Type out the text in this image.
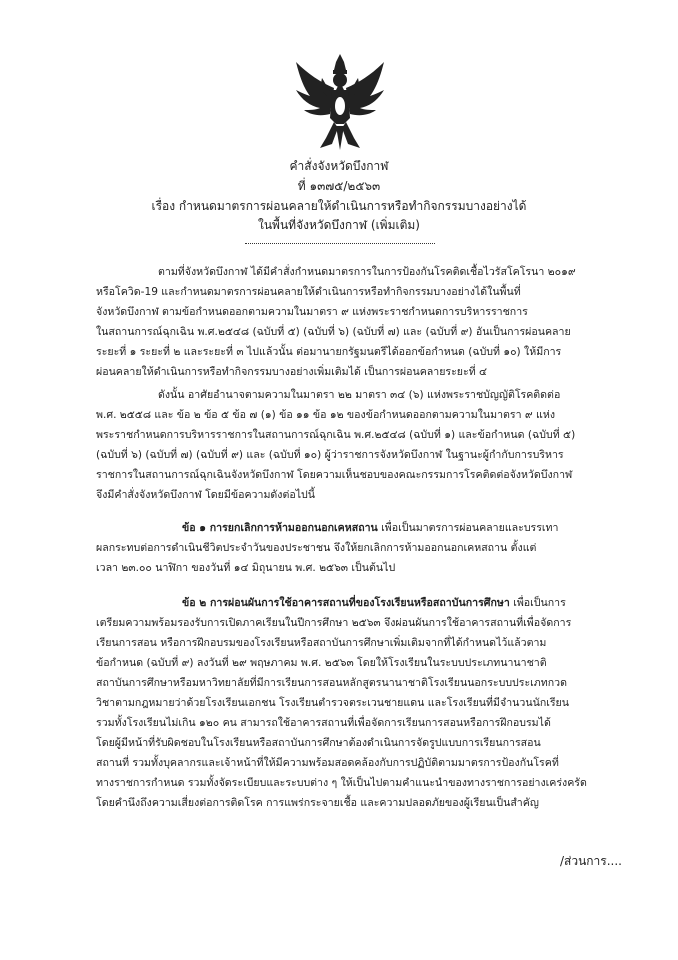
คำสั่งจังหวัดบึงกาฬ
ที่ ๑๓๗๕/๒๕๖๓
เรื่อง กำหนดมาตรการผ่อนคลายให้ดำเนินการหรือทำกิจกรรมบางอย่างได้
ในพื้นที่จังหวัดบึงกาฬ (เพิ่มเติม)
ตามที่จังหวัดบึงกาฬ ได้มีคำสั่งกำหนดมาตรการในการป้องกันโรคติดเชื้อไวรัสโคโรนา ๒๐๑๙
หรือโควิด-19 และกำหนดมาตรการผ่อนคลายให้ดำเนินการหรือทำกิจกรรมบางอย่างได้ในพื้นที่
จังหวัดบึงกาฬ ตามข้อกำหนดออกตามความในมาตรา ๙ แห่งพระราชกำหนดการบริหารราชการ
ในสถานการณ์ฉุกเฉิน พ.ศ.๒๕๔๘ (ฉบับที่ ๕) (ฉบับที่ ๖) (ฉบับที่ ๗) และ (ฉบับที่ ๙) อันเป็นการผ่อนคลาย
ระยะที่ ๑ ระยะที่ ๒ และระยะที่ ๓ ไปแล้วนั้น ต่อมานายกรัฐมนตรีได้ออกข้อกำหนด (ฉบับที่ ๑๐) ให้มีการ
ผ่อนคลายให้ดำเนินการหรือทำกิจกรรมบางอย่างเพิ่มเติมได้ เป็นการผ่อนคลายระยะที่ ๔
ดังนั้น อาศัยอำนาจตามความในมาตรา ๒๒ มาตรา ๓๔ (๖) แห่งพระราชบัญญัติโรคติดต่อ
พ.ศ. ๒๕๕๘ และ ข้อ ๒ ข้อ ๕ ข้อ ๗ (๑) ข้อ ๑๑ ข้อ ๑๒ ของข้อกำหนดออกตามความในมาตรา ๙ แห่ง
พระราชกำหนดการบริหารราชการในสถานการณ์ฉุกเฉิน พ.ศ.๒๕๔๘ (ฉบับที่ ๑) และข้อกำหนด (ฉบับที่ ๕)
(ฉบับที่ ๖) (ฉบับที่ ๗) (ฉบับที่ ๙) และ (ฉบับที่ ๑๐) ผู้ว่าราชการจังหวัดบึงกาฬ ในฐานะผู้กำกับการบริหาร
ราชการในสถานการณ์ฉุกเฉินจังหวัดบึงกาฬ โดยความเห็นชอบของคณะกรรมการโรคติดต่อจังหวัดบึงกาฬ
จึงมีคำสั่งจังหวัดบึงกาฬ โดยมีข้อความดังต่อไปนี้
ข้อ ๑ การยกเลิกการห้ามออกนอกเคหสถาน เพื่อเป็นมาตรการผ่อนคลายและบรรเทา
ผลกระทบต่อการดำเนินชีวิตประจำวันของประชาชน จึงให้ยกเลิกการห้ามออกนอกเคหสถาน ตั้งแต่
เวลา ๒๓.๐๐ นาฬิกา ของวันที่ ๑๔ มิถุนายน พ.ศ. ๒๕๖๓ เป็นต้นไป
ข้อ ๒ การผ่อนผันการใช้อาคารสถานที่ของโรงเรียนหรือสถาบันการศึกษา เพื่อเป็นการ
เตรียมความพร้อมรองรับการเปิดภาคเรียนในปีการศึกษา ๒๕๖๓ จึงผ่อนผันการใช้อาคารสถานที่เพื่อจัดการ
เรียนการสอน หรือการฝึกอบรมของโรงเรียนหรือสถาบันการศึกษาเพิ่มเติมจากที่ได้กำหนดไว้แล้วตาม
ข้อกำหนด (ฉบับที่ ๙) ลงวันที่ ๒๙ พฤษภาคม พ.ศ. ๒๕๖๓ โดยให้โรงเรียนในระบบประเภทนานาชาติ
สถาบันการศึกษาหรือมหาวิทยาลัยที่มีการเรียนการสอนหลักสูตรนานาชาติโรงเรียนนอกระบบประเภทกวด
วิชาตามกฎหมายว่าด้วยโรงเรียนเอกชน โรงเรียนตำรวจตระเวนชายแดน และโรงเรียนที่มีจำนวนนักเรียน
รวมทั้งโรงเรียนไม่เกิน ๑๒๐ คน สามารถใช้อาคารสถานที่เพื่อจัดการเรียนการสอนหรือการฝึกอบรมได้
โดยผู้มีหน้าที่รับผิดชอบในโรงเรียนหรือสถาบันการศึกษาต้องดำเนินการจัดรูปแบบการเรียนการสอน
สถานที่ รวมทั้งบุคลากรและเจ้าหน้าที่ให้มีความพร้อมสอดคล้องกับการปฏิบัติตามมาตรการป้องกันโรคที่
ทางราชการกำหนด รวมทั้งจัดระเบียบและระบบต่าง ๆ ให้เป็นไปตามคำแนะนำของทางราชการอย่างเคร่งครัด
โดยคำนึงถึงความเสี่ยงต่อการติดโรค การแพร่กระจายเชื้อ และความปลอดภัยของผู้เรียนเป็นสำคัญ
/ส่วนการ....
